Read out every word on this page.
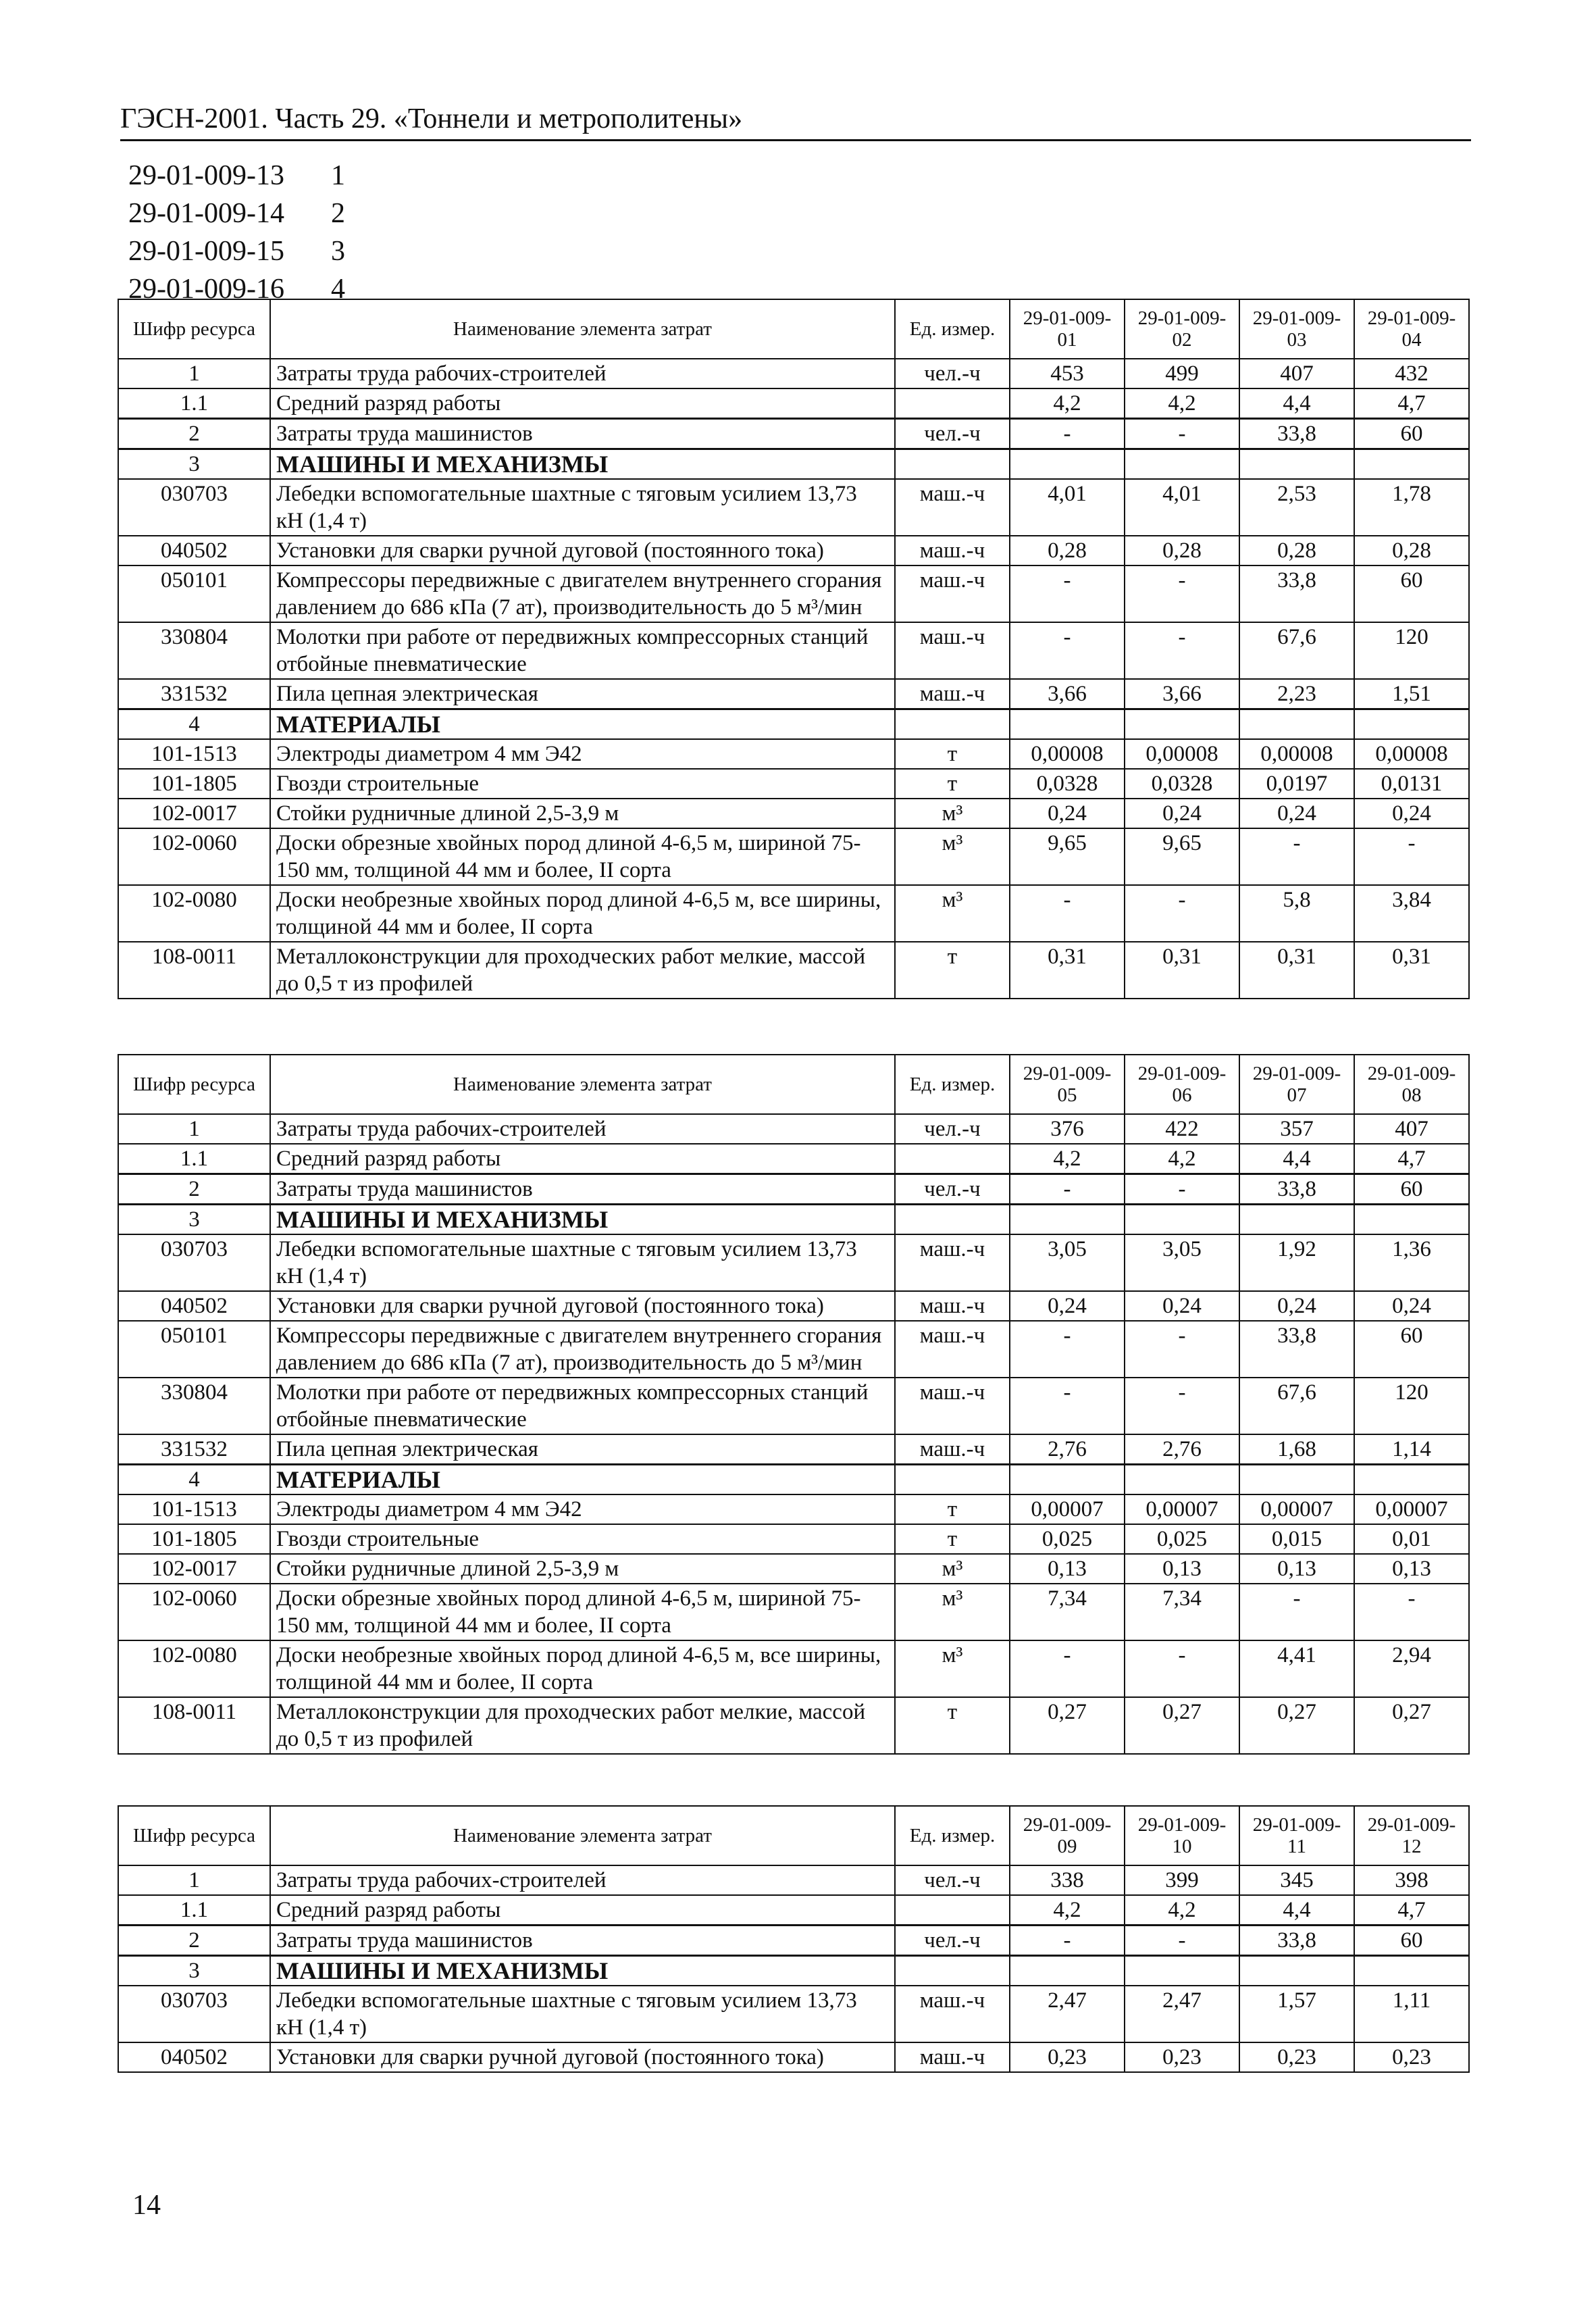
ГЭСН-2001. Часть 29. «Тоннели и метрополитены»
29-01-009-13	1
29-01-009-14	2
29-01-009-15	3
29-01-009-16	4
Шифр ресурса	Наименование элемента затрат	Ед. измер.	29-01-009-01	29-01-009-02	29-01-009-03	29-01-009-04
1	Затраты труда рабочих-строителей	чел.-ч	453	499	407	432
1.1	Средний разряд работы		4,2	4,2	4,4	4,7
2	Затраты труда машинистов	чел.-ч	-	-	33,8	60
3	МАШИНЫ И МЕХАНИЗМЫ					
030703	Лебедки вспомогательные шахтные с тяговым усилием 13,73 кН (1,4 т)	маш.-ч	4,01	4,01	2,53	1,78
040502	Установки для сварки ручной дуговой (постоянного тока)	маш.-ч	0,28	0,28	0,28	0,28
050101	Компрессоры передвижные с двигателем внутреннего сгорания давлением до 686 кПа (7 ат), производительность до 5 м³/мин	маш.-ч	-	-	33,8	60
330804	Молотки при работе от передвижных компрессорных станций отбойные пневматические	маш.-ч	-	-	67,6	120
331532	Пила цепная электрическая	маш.-ч	3,66	3,66	2,23	1,51
4	МАТЕРИАЛЫ					
101-1513	Электроды диаметром 4 мм Э42	т	0,00008	0,00008	0,00008	0,00008
101-1805	Гвозди строительные	т	0,0328	0,0328	0,0197	0,0131
102-0017	Стойки рудничные длиной 2,5-3,9 м	м³	0,24	0,24	0,24	0,24
102-0060	Доски обрезные хвойных пород длиной 4-6,5 м, шириной 75-150 мм, толщиной 44 мм и более, II сорта	м³	9,65	9,65	-	-
102-0080	Доски необрезные хвойных пород длиной 4-6,5 м, все ширины, толщиной 44 мм и более, II сорта	м³	-	-	5,8	3,84
108-0011	Металлоконструкции для проходческих работ мелкие, массой до 0,5 т из профилей	т	0,31	0,31	0,31	0,31
Шифр ресурса	Наименование элемента затрат	Ед. измер.	29-01-009-05	29-01-009-06	29-01-009-07	29-01-009-08
1	Затраты труда рабочих-строителей	чел.-ч	376	422	357	407
1.1	Средний разряд работы		4,2	4,2	4,4	4,7
2	Затраты труда машинистов	чел.-ч	-	-	33,8	60
3	МАШИНЫ И МЕХАНИЗМЫ					
030703	Лебедки вспомогательные шахтные с тяговым усилием 13,73 кН (1,4 т)	маш.-ч	3,05	3,05	1,92	1,36
040502	Установки для сварки ручной дуговой (постоянного тока)	маш.-ч	0,24	0,24	0,24	0,24
050101	Компрессоры передвижные с двигателем внутреннего сгорания давлением до 686 кПа (7 ат), производительность до 5 м³/мин	маш.-ч	-	-	33,8	60
330804	Молотки при работе от передвижных компрессорных станций отбойные пневматические	маш.-ч	-	-	67,6	120
331532	Пила цепная электрическая	маш.-ч	2,76	2,76	1,68	1,14
4	МАТЕРИАЛЫ					
101-1513	Электроды диаметром 4 мм Э42	т	0,00007	0,00007	0,00007	0,00007
101-1805	Гвозди строительные	т	0,025	0,025	0,015	0,01
102-0017	Стойки рудничные длиной 2,5-3,9 м	м³	0,13	0,13	0,13	0,13
102-0060	Доски обрезные хвойных пород длиной 4-6,5 м, шириной 75-150 мм, толщиной 44 мм и более, II сорта	м³	7,34	7,34	-	-
102-0080	Доски необрезные хвойных пород длиной 4-6,5 м, все ширины, толщиной 44 мм и более, II сорта	м³	-	-	4,41	2,94
108-0011	Металлоконструкции для проходческих работ мелкие, массой до 0,5 т из профилей	т	0,27	0,27	0,27	0,27
Шифр ресурса	Наименование элемента затрат	Ед. измер.	29-01-009-09	29-01-009-10	29-01-009-11	29-01-009-12
1	Затраты труда рабочих-строителей	чел.-ч	338	399	345	398
1.1	Средний разряд работы		4,2	4,2	4,4	4,7
2	Затраты труда машинистов	чел.-ч	-	-	33,8	60
3	МАШИНЫ И МЕХАНИЗМЫ					
030703	Лебедки вспомогательные шахтные с тяговым усилием 13,73 кН (1,4 т)	маш.-ч	2,47	2,47	1,57	1,11
040502	Установки для сварки ручной дуговой (постоянного тока)	маш.-ч	0,23	0,23	0,23	0,23
14
